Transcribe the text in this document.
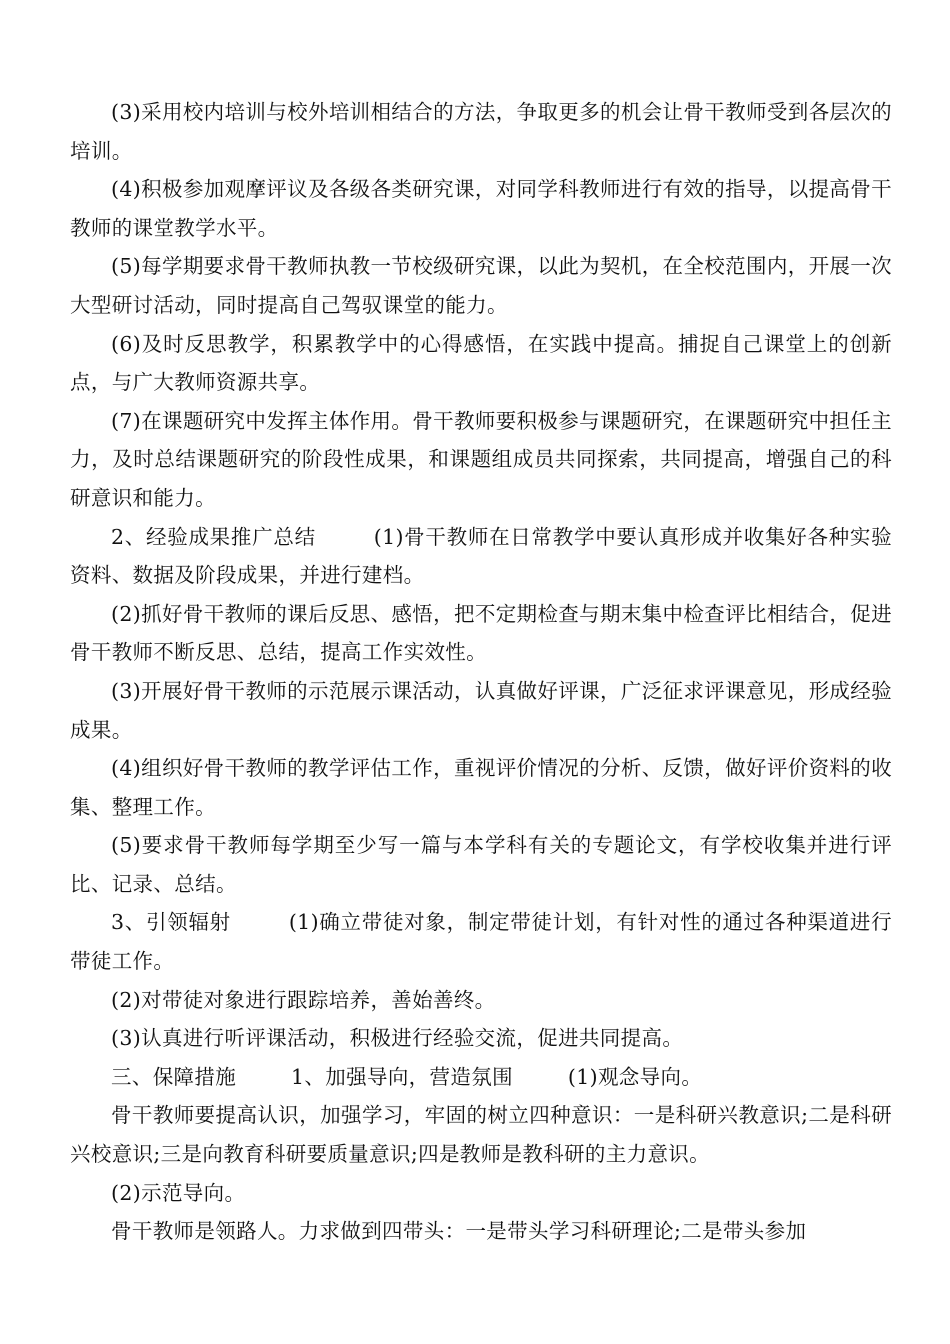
(3)采用校内培训与校外培训相结合的方法，争取更多的机会让骨干教师受到各层次的培训。

(4)积极参加观摩评议及各级各类研究课，对同学科教师进行有效的指导，以提高骨干教师的课堂教学水平。

(5)每学期要求骨干教师执教一节校级研究课，以此为契机，在全校范围内，开展一次大型研讨活动，同时提高自己驾驭课堂的能力。

(6)及时反思教学，积累教学中的心得感悟，在实践中提高。捕捉自己课堂上的创新点，与广大教师资源共享。

(7)在课题研究中发挥主体作用。骨干教师要积极参与课题研究，在课题研究中担任主力，及时总结课题研究的阶段性成果，和课题组成员共同探索，共同提高，增强自己的科研意识和能力。

2、经验成果推广总结        (1)骨干教师在日常教学中要认真形成并收集好各种实验资料、数据及阶段成果，并进行建档。

(2)抓好骨干教师的课后反思、感悟，把不定期检查与期末集中检查评比相结合，促进骨干教师不断反思、总结，提高工作实效性。

(3)开展好骨干教师的示范展示课活动，认真做好评课，广泛征求评课意见，形成经验成果。

(4)组织好骨干教师的教学评估工作，重视评价情况的分析、反馈，做好评价资料的收集、整理工作。

(5)要求骨干教师每学期至少写一篇与本学科有关的专题论文，有学校收集并进行评比、记录、总结。

3、引领辐射        (1)确立带徒对象，制定带徒计划，有针对性的通过各种渠道进行带徒工作。

(2)对带徒对象进行跟踪培养，善始善终。

(3)认真进行听评课活动，积极进行经验交流，促进共同提高。

三、保障措施        1、加强导向，营造氛围        (1)观念导向。

骨干教师要提高认识，加强学习，牢固的树立四种意识：一是科研兴教意识;二是科研兴校意识;三是向教育科研要质量意识;四是教师是教科研的主力意识。

(2)示范导向。

骨干教师是领路人。力求做到四带头：一是带头学习科研理论;二是带头参加
